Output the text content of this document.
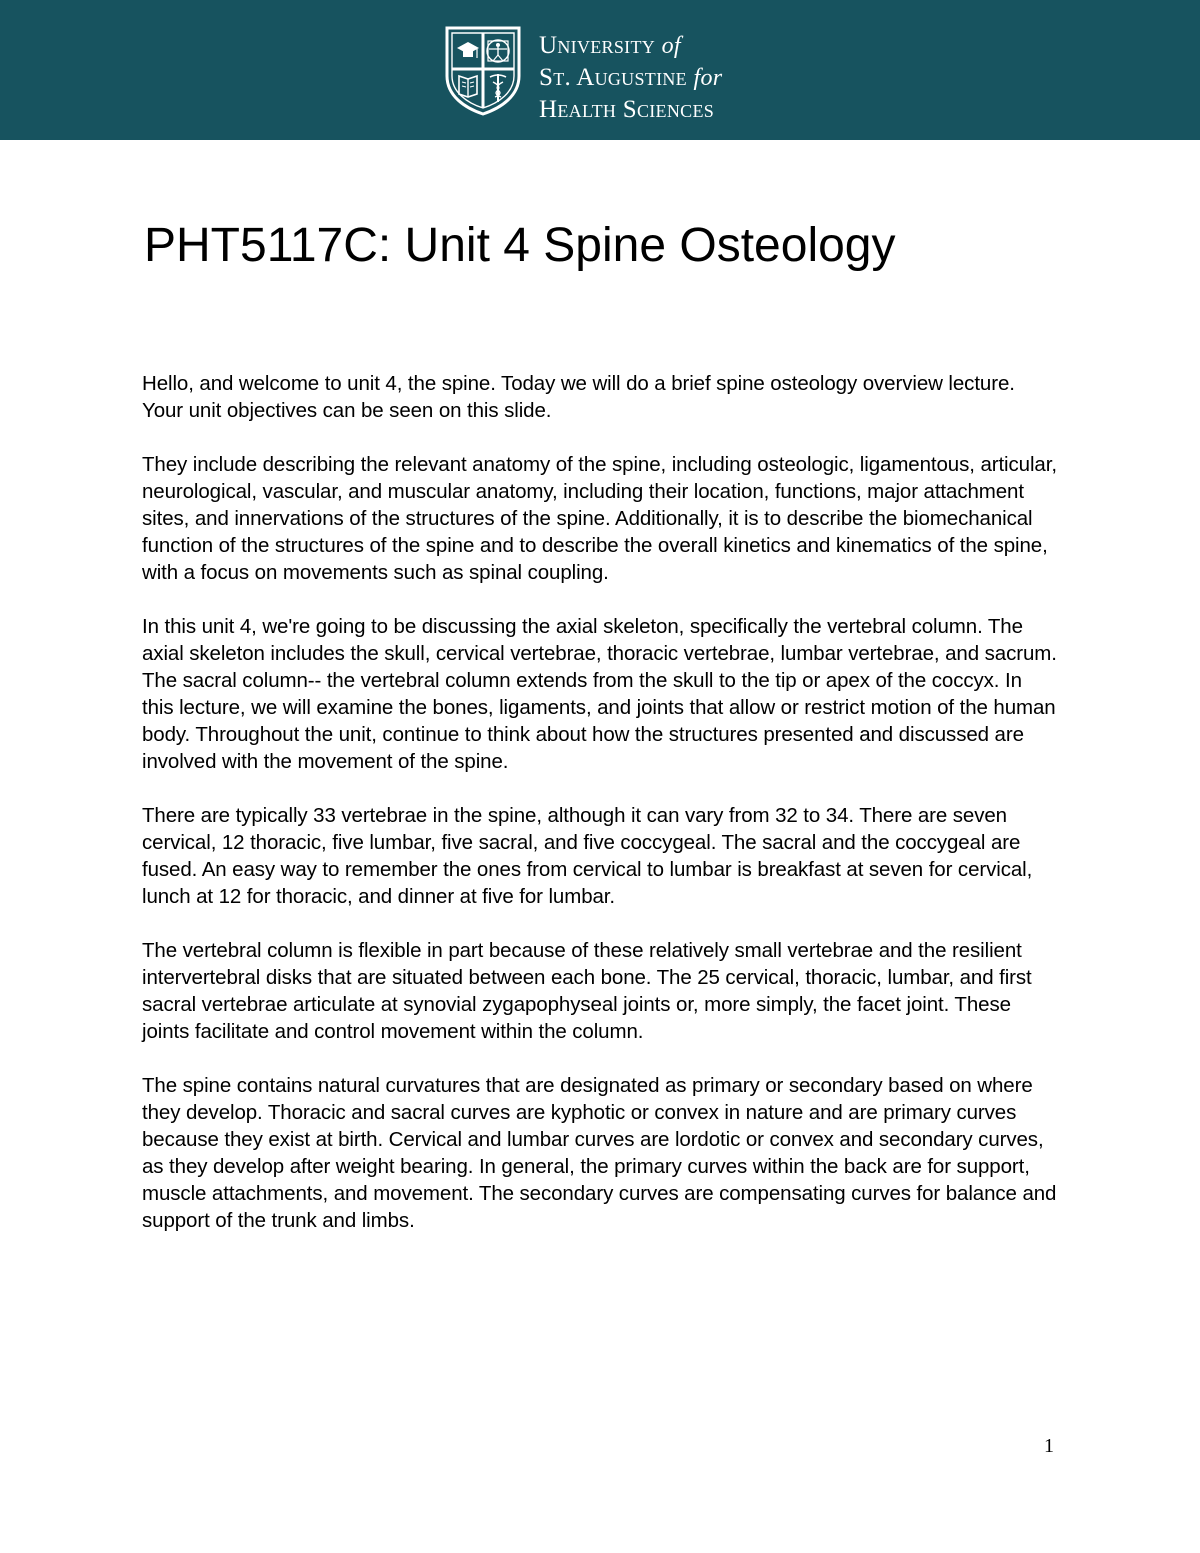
University of
St. Augustine for
Health Sciences
PHT5117C: Unit 4 Spine Osteology

Hello, and welcome to unit 4, the spine. Today we will do a brief spine osteology overview lecture. Your unit objectives can be seen on this slide.

They include describing the relevant anatomy of the spine, including osteologic, ligamentous, articular, neurological, vascular, and muscular anatomy, including their location, functions, major attachment sites, and innervations of the structures of the spine. Additionally, it is to describe the biomechanical function of the structures of the spine and to describe the overall kinetics and kinematics of the spine, with a focus on movements such as spinal coupling.

In this unit 4, we're going to be discussing the axial skeleton, specifically the vertebral column. The axial skeleton includes the skull, cervical vertebrae, thoracic vertebrae, lumbar vertebrae, and sacrum. The sacral column-- the vertebral column extends from the skull to the tip or apex of the coccyx. In this lecture, we will examine the bones, ligaments, and joints that allow or restrict motion of the human body. Throughout the unit, continue to think about how the structures presented and discussed are involved with the movement of the spine.

There are typically 33 vertebrae in the spine, although it can vary from 32 to 34. There are seven cervical, 12 thoracic, five lumbar, five sacral, and five coccygeal. The sacral and the coccygeal are fused. An easy way to remember the ones from cervical to lumbar is breakfast at seven for cervical, lunch at 12 for thoracic, and dinner at five for lumbar.

The vertebral column is flexible in part because of these relatively small vertebrae and the resilient intervertebral disks that are situated between each bone. The 25 cervical, thoracic, lumbar, and first sacral vertebrae articulate at synovial zygapophyseal joints or, more simply, the facet joint. These joints facilitate and control movement within the column.

The spine contains natural curvatures that are designated as primary or secondary based on where they develop. Thoracic and sacral curves are kyphotic or convex in nature and are primary curves because they exist at birth. Cervical and lumbar curves are lordotic or convex and secondary curves, as they develop after weight bearing. In general, the primary curves within the back are for support, muscle attachments, and movement. The secondary curves are compensating curves for balance and support of the trunk and limbs.

1
